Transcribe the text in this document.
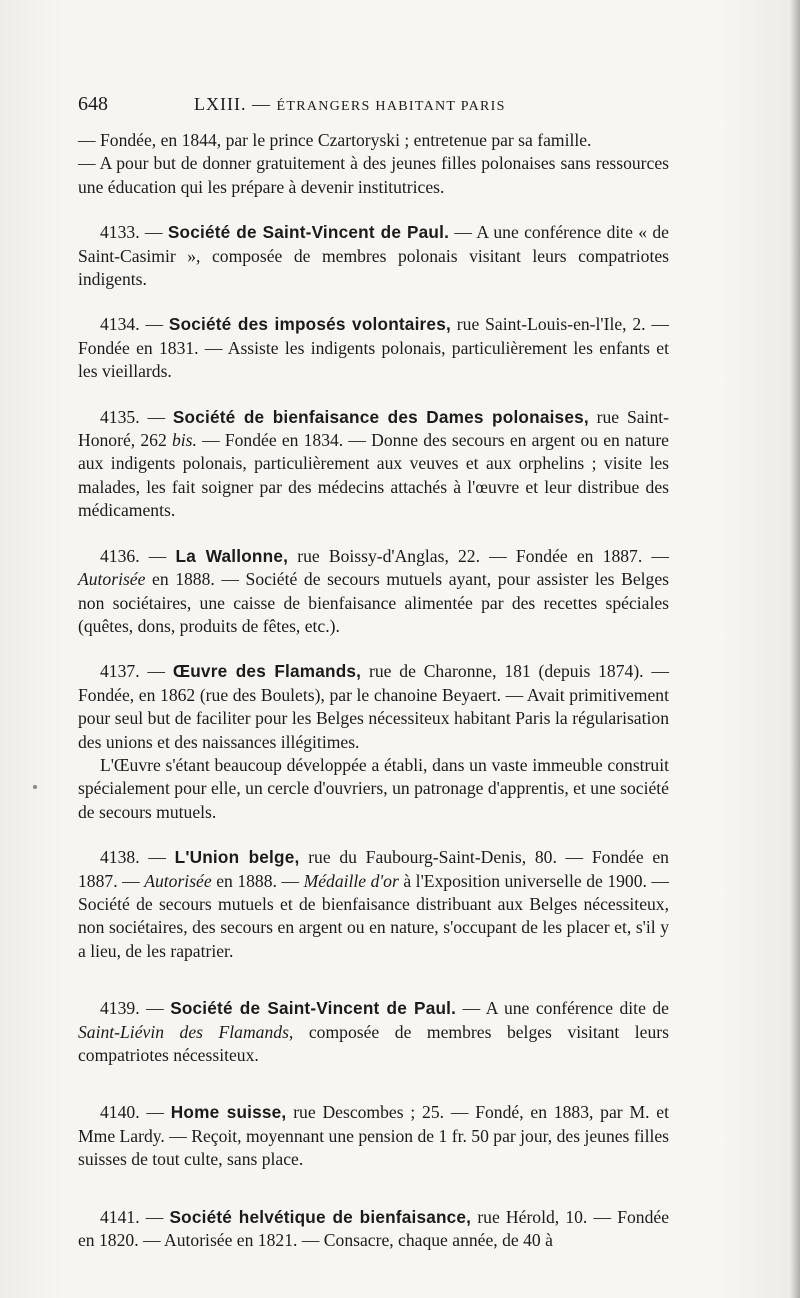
648	LXIII. — ÉTRANGERS HABITANT PARIS

— Fondée, en 1844, par le prince Czartoryski ; entretenue par sa famille.

— A pour but de donner gratuitement à des jeunes filles polonaises sans ressources une éducation qui les prépare à devenir institutrices.

4133. — Société de Saint-Vincent de Paul. — A une conférence dite « de Saint-Casimir », composée de membres polonais visitant leurs compatriotes indigents.

4134. — Société des imposés volontaires, rue Saint-Louis-en-l'Ile, 2. — Fondée en 1831. — Assiste les indigents polonais, particulièrement les enfants et les vieillards.

4135. — Société de bienfaisance des Dames polonaises, rue Saint-Honoré, 262 bis. — Fondée en 1834. — Donne des secours en argent ou en nature aux indigents polonais, particulièrement aux veuves et aux orphelins ; visite les malades, les fait soigner par des médecins attachés à l'œuvre et leur distribue des médicaments.

4136. — La Wallonne, rue Boissy-d'Anglas, 22. — Fondée en 1887. — Autorisée en 1888. — Société de secours mutuels ayant, pour assister les Belges non sociétaires, une caisse de bienfaisance alimentée par des recettes spéciales (quêtes, dons, produits de fêtes, etc.).

4137. — Œuvre des Flamands, rue de Charonne, 181 (depuis 1874). — Fondée, en 1862 (rue des Boulets), par le chanoine Beyaert. — Avait primitivement pour seul but de faciliter pour les Belges nécessiteux habitant Paris la régularisation des unions et des naissances illégitimes.

L'Œuvre s'étant beaucoup développée a établi, dans un vaste immeuble construit spécialement pour elle, un cercle d'ouvriers, un patronage d'apprentis, et une société de secours mutuels.

4138. — L'Union belge, rue du Faubourg-Saint-Denis, 80. — Fondée en 1887. — Autorisée en 1888. — Médaille d'or à l'Exposition universelle de 1900. — Société de secours mutuels et de bienfaisance distribuant aux Belges nécessiteux, non sociétaires, des secours en argent ou en nature, s'occupant de les placer et, s'il y a lieu, de les rapatrier.

4139. — Société de Saint-Vincent de Paul. — A une conférence dite de Saint-Liévin des Flamands, composée de membres belges visitant leurs compatriotes nécessiteux.

4140. — Home suisse, rue Descombes ; 25. — Fondé, en 1883, par M. et Mme Lardy. — Reçoit, moyennant une pension de 1 fr. 50 par jour, des jeunes filles suisses de tout culte, sans place.

4141. — Société helvétique de bienfaisance, rue Hérold, 10. — Fondée en 1820. — Autorisée en 1821. — Consacre, chaque année, de 40 à
